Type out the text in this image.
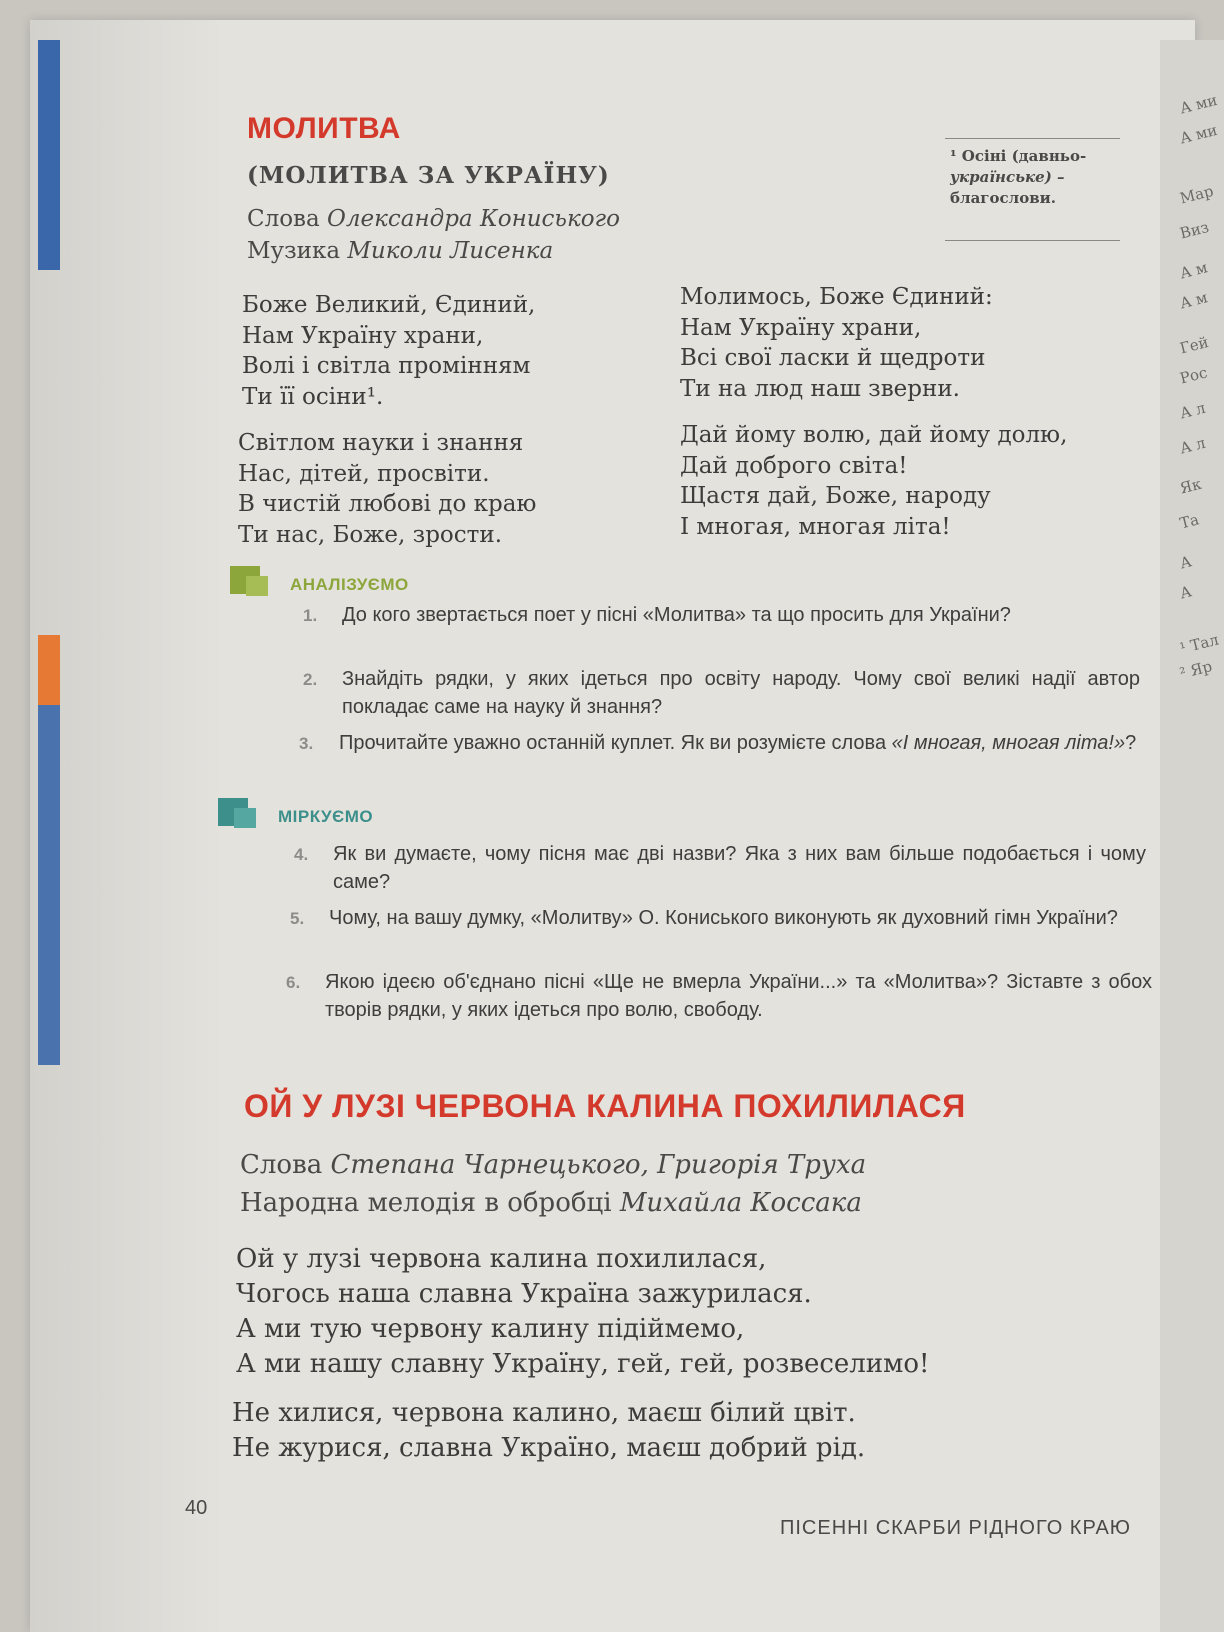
А ми
А ми
Мар
Виз
А м
А м
Гей
Рос
А л
А л
Як
Та
А
А
¹ Тал
² Яр
МОЛИТВА
(МОЛИТВА ЗА УКРАЇНУ)
Слова Олександра Кониського
Музика Миколи Лисенка
¹ Осіні (давньо-
українське) –
благослови.
Боже Великий, Єдиний,
Нам Україну храни,
Волі і світла промінням
Ти її осіни¹.
Світлом науки і знання
Нас, дітей, просвіти.
В чистій любові до краю
Ти нас, Боже, зрости.
Молимось, Боже Єдиний:
Нам Україну храни,
Всі свої ласки й щедроти
Ти на люд наш зверни.
Дай йому волю, дай йому долю,
Дай доброго світа!
Щастя дай, Боже, народу
І многая, многая літа!
АНАЛІЗУЄМО
1. До кого звертається поет у пісні «Молитва» та що просить для України?
2. Знайдіть рядки, у яких ідеться про освіту народу. Чому свої великі надії автор покладає саме на науку й знання?
3. Прочитайте уважно останній куплет. Як ви розумієте слова «І многая, многая літа!»?
МІРКУЄМО
4. Як ви думаєте, чому пісня має дві назви? Яка з них вам більше подобається і чому саме?
5. Чому, на вашу думку, «Молитву» О. Кониського виконують як духовний гімн України?
6. Якою ідеєю об'єднано пісні «Ще не вмерла України...» та «Молитва»? Зіставте з обох творів рядки, у яких ідеться про волю, свободу.
ОЙ У ЛУЗІ ЧЕРВОНА КАЛИНА ПОХИЛИЛАСЯ
Слова Степана Чарнецького, Григорія Труха
Народна мелодія в обробці Михайла Коссака
Ой у лузі червона калина похилилася,
Чогось наша славна Україна зажурилася.
А ми тую червону калину підіймемо,
А ми нашу славну Україну, гей, гей, розвеселимо!
Не хилися, червона калино, маєш білий цвіт.
Не журися, славна Україно, маєш добрий рід.
40
ПІСЕННІ СКАРБИ РІДНОГО КРАЮ
